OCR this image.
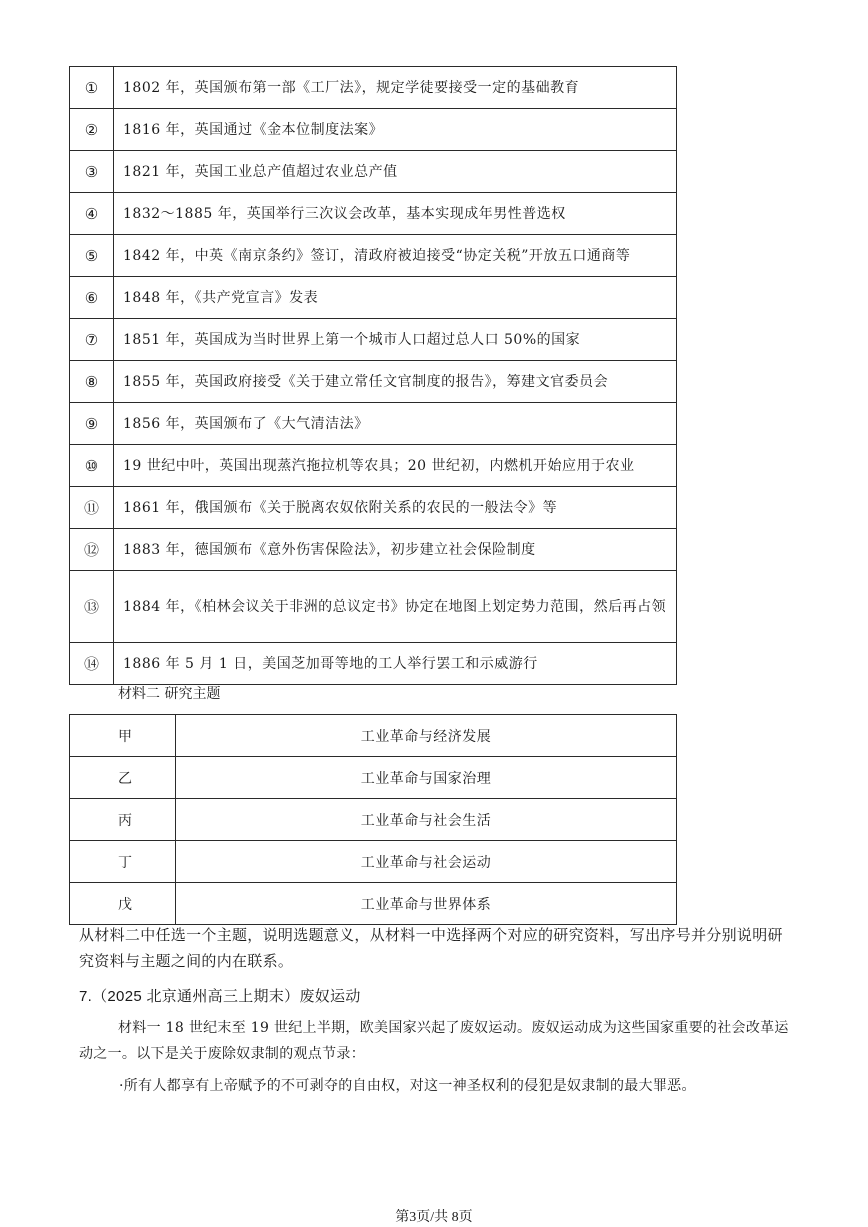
①	1802 年，英国颁布第一部《工厂法》，规定学徒要接受一定的基础教育
②	1816 年，英国通过《金本位制度法案》
③	1821 年，英国工业总产值超过农业总产值
④	1832～1885 年，英国举行三次议会改革，基本实现成年男性普选权
⑤	1842 年，中英《南京条约》签订，清政府被迫接受“协定关税”开放五口通商等
⑥	1848 年，《共产党宣言》发表
⑦	1851 年，英国成为当时世界上第一个城市人口超过总人口 50%的国家
⑧	1855 年，英国政府接受《关于建立常任文官制度的报告》，筹建文官委员会
⑨	1856 年，英国颁布了《大气清洁法》
⑩	19 世纪中叶，英国出现蒸汽拖拉机等农具；20 世纪初，内燃机开始应用于农业
⑪	1861 年，俄国颁布《关于脱离农奴依附关系的农民的一般法令》等
⑫	1883 年，德国颁布《意外伤害保险法》，初步建立社会保险制度
⑬	1884 年，《柏林会议关于非洲的总议定书》协定在地图上划定势力范围，然后再占领
⑭	1886 年 5 月 1 日，美国芝加哥等地的工人举行罢工和示威游行
材料二 研究主题
甲	工业革命与经济发展
乙	工业革命与国家治理
丙	工业革命与社会生活
丁	工业革命与社会运动
戊	工业革命与世界体系
从材料二中任选一个主题，说明选题意义，从材料一中选择两个对应的研究资料，写出序号并分别说明研究资料与主题之间的内在联系。
7.（2025 北京通州高三上期末）废奴运动
材料一 18 世纪末至 19 世纪上半期，欧美国家兴起了废奴运动。废奴运动成为这些国家重要的社会改革运动之一。以下是关于废除奴隶制的观点节录：
·所有人都享有上帝赋予的不可剥夺的自由权，对这一神圣权利的侵犯是奴隶制的最大罪恶。
第3页/共 8页
